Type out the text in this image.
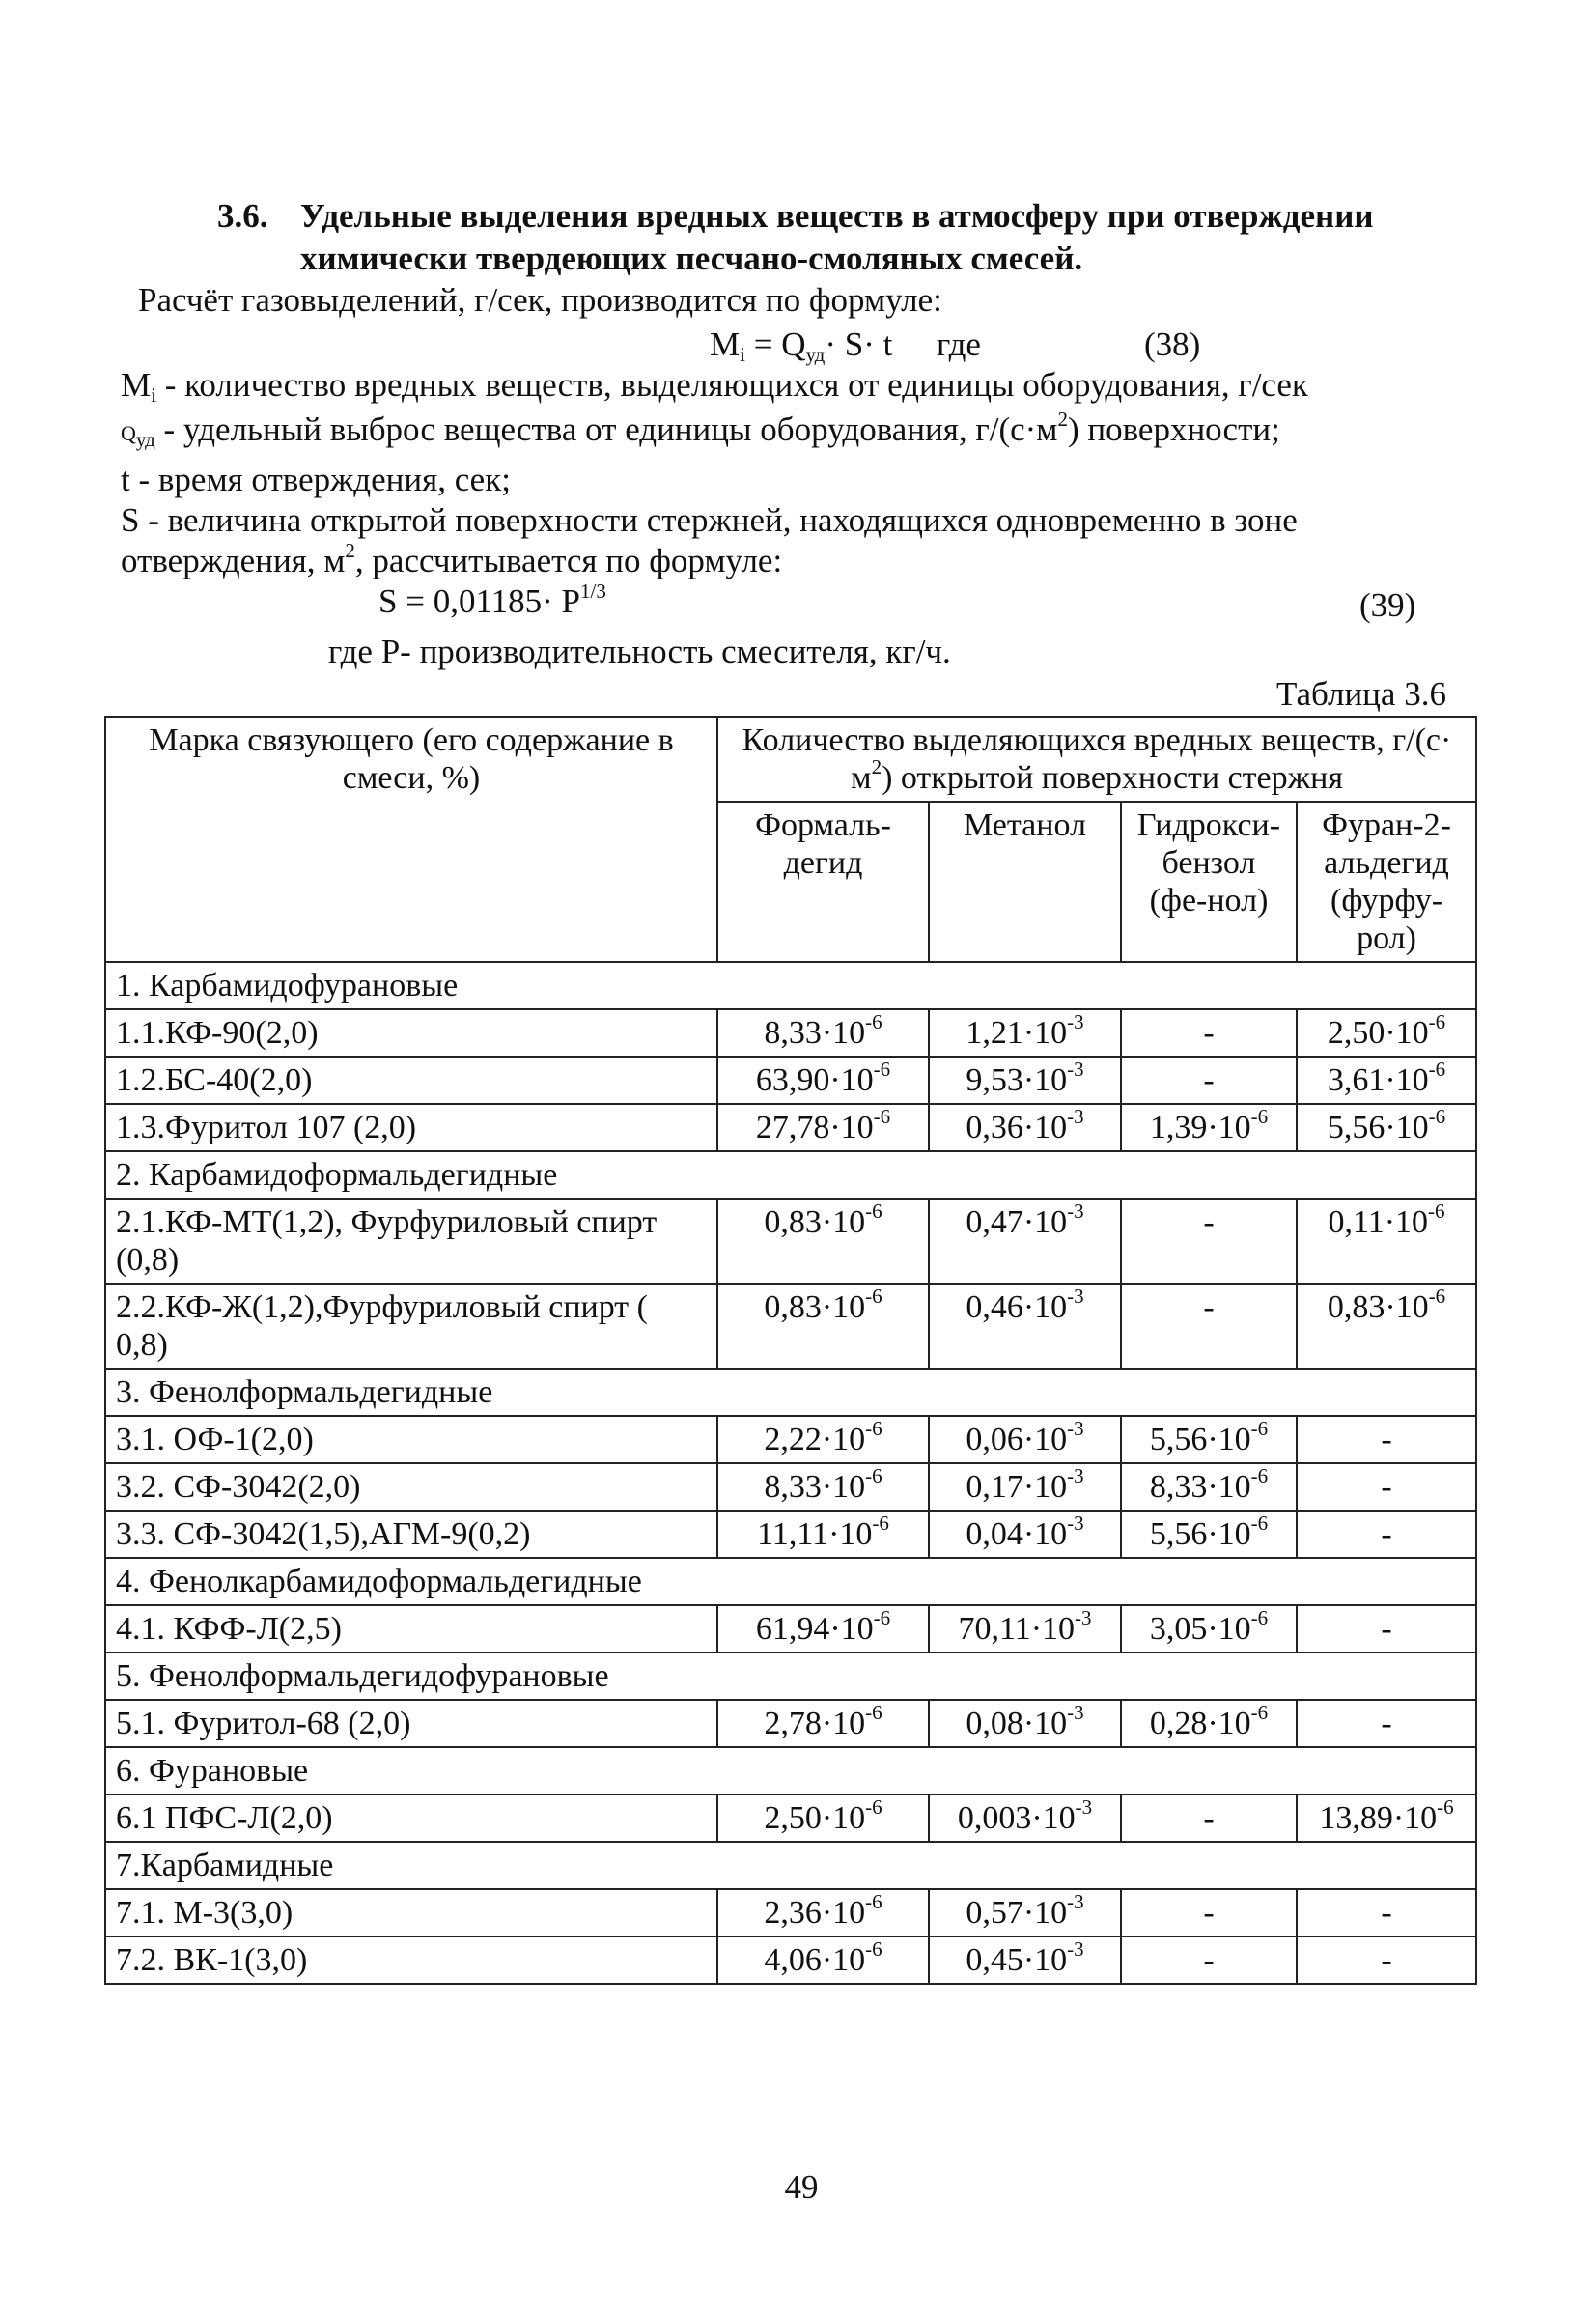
3.6. Удельные выделения вредных веществ в атмосферу при отверждении
химически твердеющих песчано-смоляных смесей.
Расчёт газовыделений, г/сек, производится по формуле:
$M_i = Q_{уд}\cdot S\cdot t$ где	(38)
$M_i$ - количество вредных веществ, выделяющихся от единицы оборудования, г/сек
$Q_{уд}$ - удельный выброс вещества от единицы оборудования, $г/(с\cdot м^2)$ поверхности;
t - время отверждения, сек;
S - величина открытой поверхности стержней, находящихся одновременно в зоне
отверждения, $м^2$, рассчитывается по формуле:
$S = 0,01185\cdot P^{1/3}$	(39)
где P- производительность смесителя, кг/ч.
Таблица 3.6
Марка связующего (его содержание в смеси, %)	Количество выделяющихся вредных веществ, $г/(с\cdot м^2)$ открытой поверхности стержня			
	Формаль-дегид	Метанол	Гидрокси-бензол (фе-нол)	Фуран-2-альдегид (фурфу-рол)
1. Карбамидофурановые				
1.1.КФ-90(2,0)	$8,33\cdot 10^{-6}$	$1,21\cdot 10^{-3}$	-	$2,50\cdot 10^{-6}$
1.2.БС-40(2,0)	$63,90\cdot 10^{-6}$	$9,53\cdot 10^{-3}$	-	$3,61\cdot 10^{-6}$
1.3.Фуритол 107 (2,0)	$27,78\cdot 10^{-6}$	$0,36\cdot 10^{-3}$	$1,39\cdot 10^{-6}$	$5,56\cdot 10^{-6}$
2. Карбамидоформальдегидные				
2.1.КФ-МТ(1,2), Фурфуриловый спирт (0,8)	$0,83\cdot 10^{-6}$	$0,47\cdot 10^{-3}$	-	$0,11\cdot 10^{-6}$
2.2.КФ-Ж(1,2),Фурфуриловый спирт ( 0,8)	$0,83\cdot 10^{-6}$	$0,46\cdot 10^{-3}$	-	$0,83\cdot 10^{-6}$
3. Фенолформальдегидные				
3.1. ОФ-1(2,0)	$2,22\cdot 10^{-6}$	$0,06\cdot 10^{-3}$	$5,56\cdot 10^{-6}$	-
3.2. СФ-3042(2,0)	$8,33\cdot 10^{-6}$	$0,17\cdot 10^{-3}$	$8,33\cdot 10^{-6}$	-
3.3. СФ-3042(1,5),АГМ-9(0,2)	$11,11\cdot 10^{-6}$	$0,04\cdot 10^{-3}$	$5,56\cdot 10^{-6}$	-
4. Фенолкарбамидоформальдегидные				
4.1. КФФ-Л(2,5)	$61,94\cdot 10^{-6}$	$70,11\cdot 10^{-3}$	$3,05\cdot 10^{-6}$	-
5. Фенолформальдегидофурановые				
5.1. Фуритол-68 (2,0)	$2,78\cdot 10^{-6}$	$0,08\cdot 10^{-3}$	$0,28\cdot 10^{-6}$	-
6. Фурановые				
6.1 ПФС-Л(2,0)	$2,50\cdot 10^{-6}$	$0,003\cdot 10^{-3}$	-	$13,89\cdot 10^{-6}$
7.Карбамидные				
7.1. М-3(3,0)	$2,36\cdot 10^{-6}$	$0,57\cdot 10^{-3}$	-	-
7.2. ВК-1(3,0)	$4,06\cdot 10^{-6}$	$0,45\cdot 10^{-3}$	-	-
49
